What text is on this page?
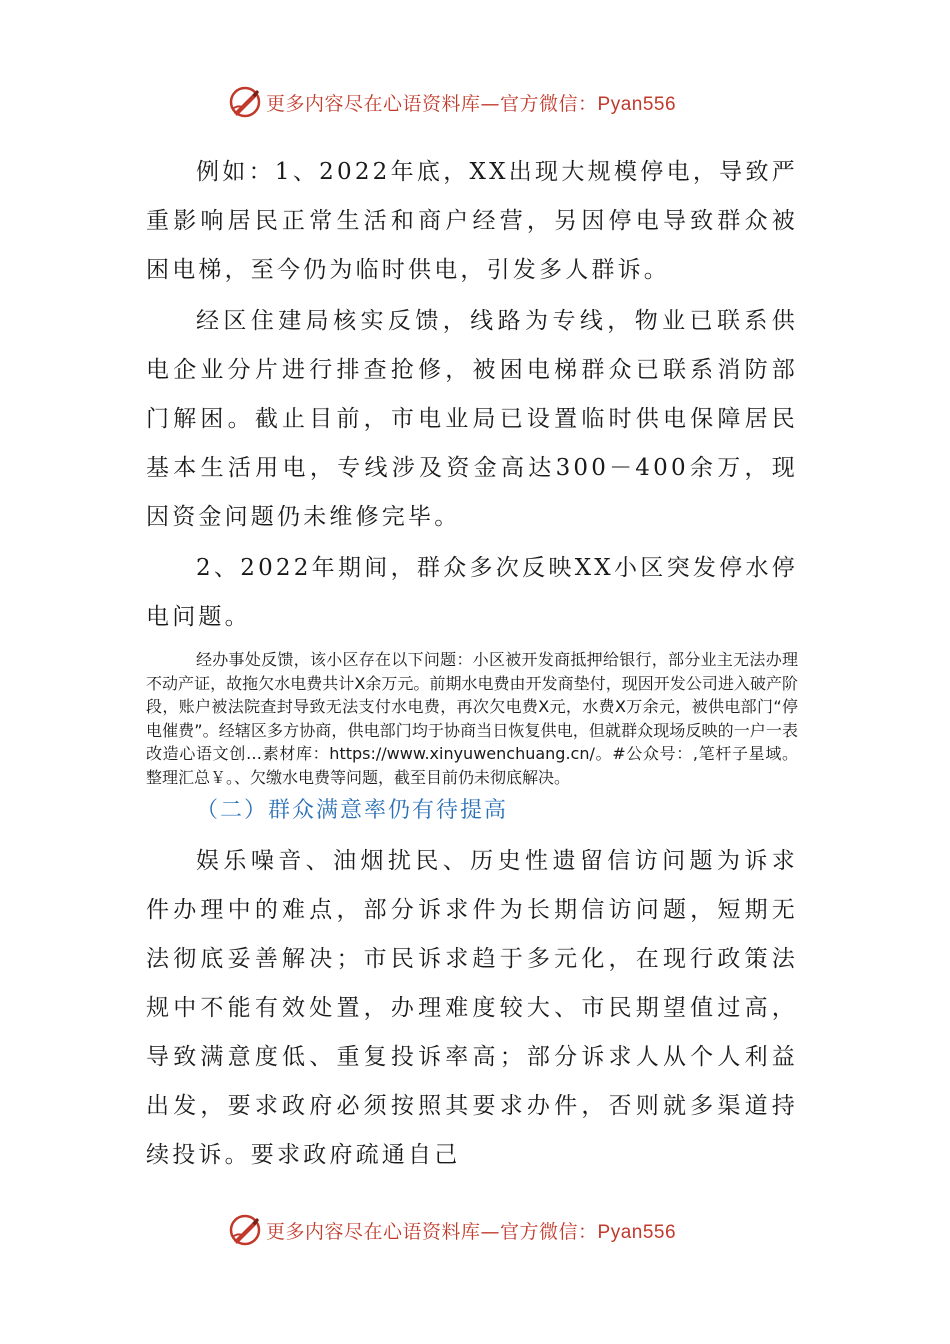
更多内容尽在心语资料库—官方微信：Pyan556

例如：1、2022年底，XX出现大规模停电，导致严重影响居民正常生活和商户经营，另因停电导致群众被困电梯，至今仍为临时供电，引发多人群诉。

经区住建局核实反馈，线路为专线，物业已联系供电企业分片进行排查抢修，被困电梯群众已联系消防部门解困。截止目前，市电业局已设置临时供电保障居民基本生活用电，专线涉及资金高达300－400余万，现因资金问题仍未维修完毕。

2、2022年期间，群众多次反映XX小区突发停水停电问题。

经办事处反馈，该小区存在以下问题：小区被开发商抵押给银行，部分业主无法办理不动产证，故拖欠水电费共计X余万元。前期水电费由开发商垫付，现因开发公司进入破产阶段，账户被法院查封导致无法支付水电费，再次欠电费X元，水费X万余元，被供电部门“停电催费”。经辖区多方协商，供电部门均于协商当日恢复供电，但就群众现场反映的一户一表改造心语文创…素材库：https://www.xinyuwenchuang.cn/。#公众号：,笔杆子星域。整理汇总￥。、欠缴水电费等问题，截至目前仍未彻底解决。

（二）群众满意率仍有待提高

娱乐噪音、油烟扰民、历史性遗留信访问题为诉求件办理中的难点，部分诉求件为长期信访问题，短期无法彻底妥善解决；市民诉求趋于多元化，在现行政策法规中不能有效处置，办理难度较大、市民期望值过高，导致满意度低、重复投诉率高；部分诉求人从个人利益出发，要求政府必须按照其要求办件，否则就多渠道持续投诉。要求政府疏通自己

更多内容尽在心语资料库—官方微信：Pyan556
